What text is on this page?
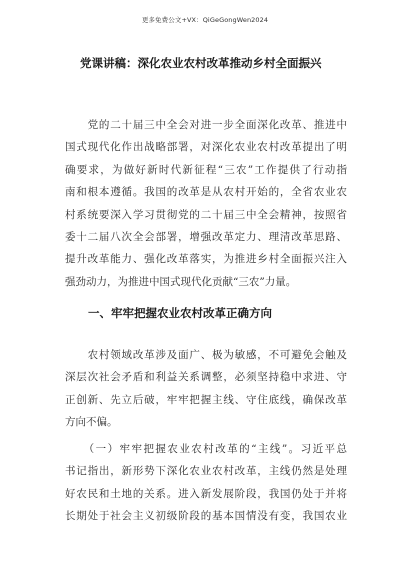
更多免费公文+VX：QiGeGongWen2024
党课讲稿：深化农业农村改革推动乡村全面振兴
　　党的二十届三中全会对进一步全面深化改革、推进中
国式现代化作出战略部署，对深化农业农村改革提出了明
确要求，为做好新时代新征程“三农”工作提供了行动指
南和根本遵循。我国的改革是从农村开始的，全省农业农
村系统要深入学习贯彻党的二十届三中全会精神，按照省
委十二届八次全会部署，增强改革定力、理清改革思路、
提升改革能力、强化改革落实，为推进乡村全面振兴注入
强劲动力，为推进中国式现代化贡献“三农”力量。
一、牢牢把握农业农村改革正确方向
　　农村领域改革涉及面广、极为敏感，不可避免会触及
深层次社会矛盾和利益关系调整，必须坚持稳中求进、守
正创新、先立后破，牢牢把握主线、守住底线，确保改革
方向不偏。
　　（一）牢牢把握农业农村改革的“主线”。习近平总
书记指出，新形势下深化农业农村改革，主线仍然是处理
好农民和土地的关系。进入新发展阶段，我国仍处于并将
长期处于社会主义初级阶段的基本国情没有变，我国农业
